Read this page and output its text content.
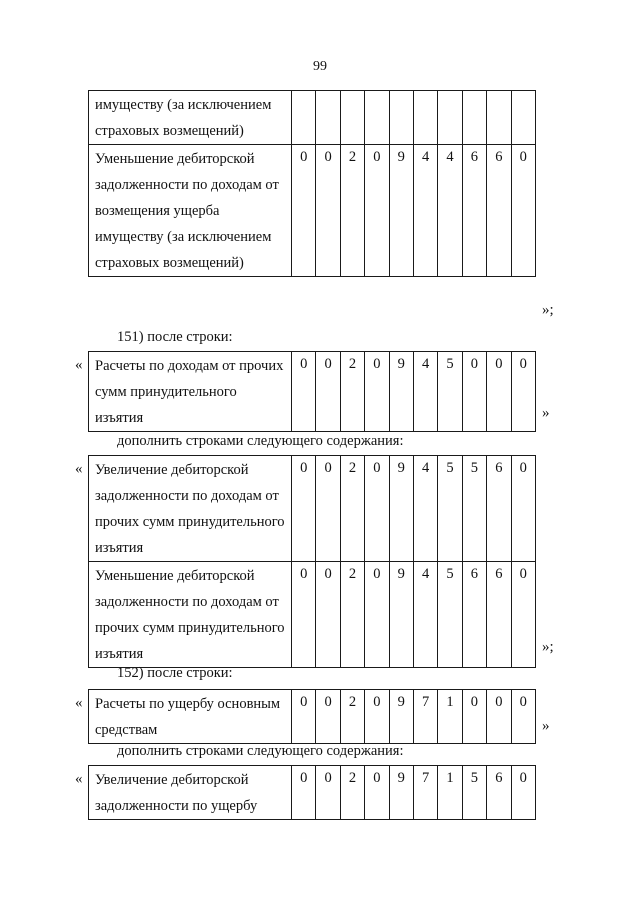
99
имуществу (за исключением страховых возмещений)										
Уменьшение дебиторской задолженности по доходам от возмещения ущерба имуществу (за исключением страховых возмещений)	0	0	2	0	9	4	4	6	6	0
»;
151) после строки:
« Расчеты по доходам от прочих сумм принудительного изъятия	0	0	2	0	9	4	5	0	0	0
»
дополнить строками следующего содержания:
« Увеличение дебиторской задолженности по доходам от прочих сумм принудительного изъятия	0	0	2	0	9	4	5	5	6	0
Уменьшение дебиторской задолженности по доходам от прочих сумм принудительного изъятия	0	0	2	0	9	4	5	6	6	0
»;
152) после строки:
« Расчеты по ущербу основным средствам	0	0	2	0	9	7	1	0	0	0
»
дополнить строками следующего содержания:
« Увеличение дебиторской задолженности по ущербу	0	0	2	0	9	7	1	5	6	0
